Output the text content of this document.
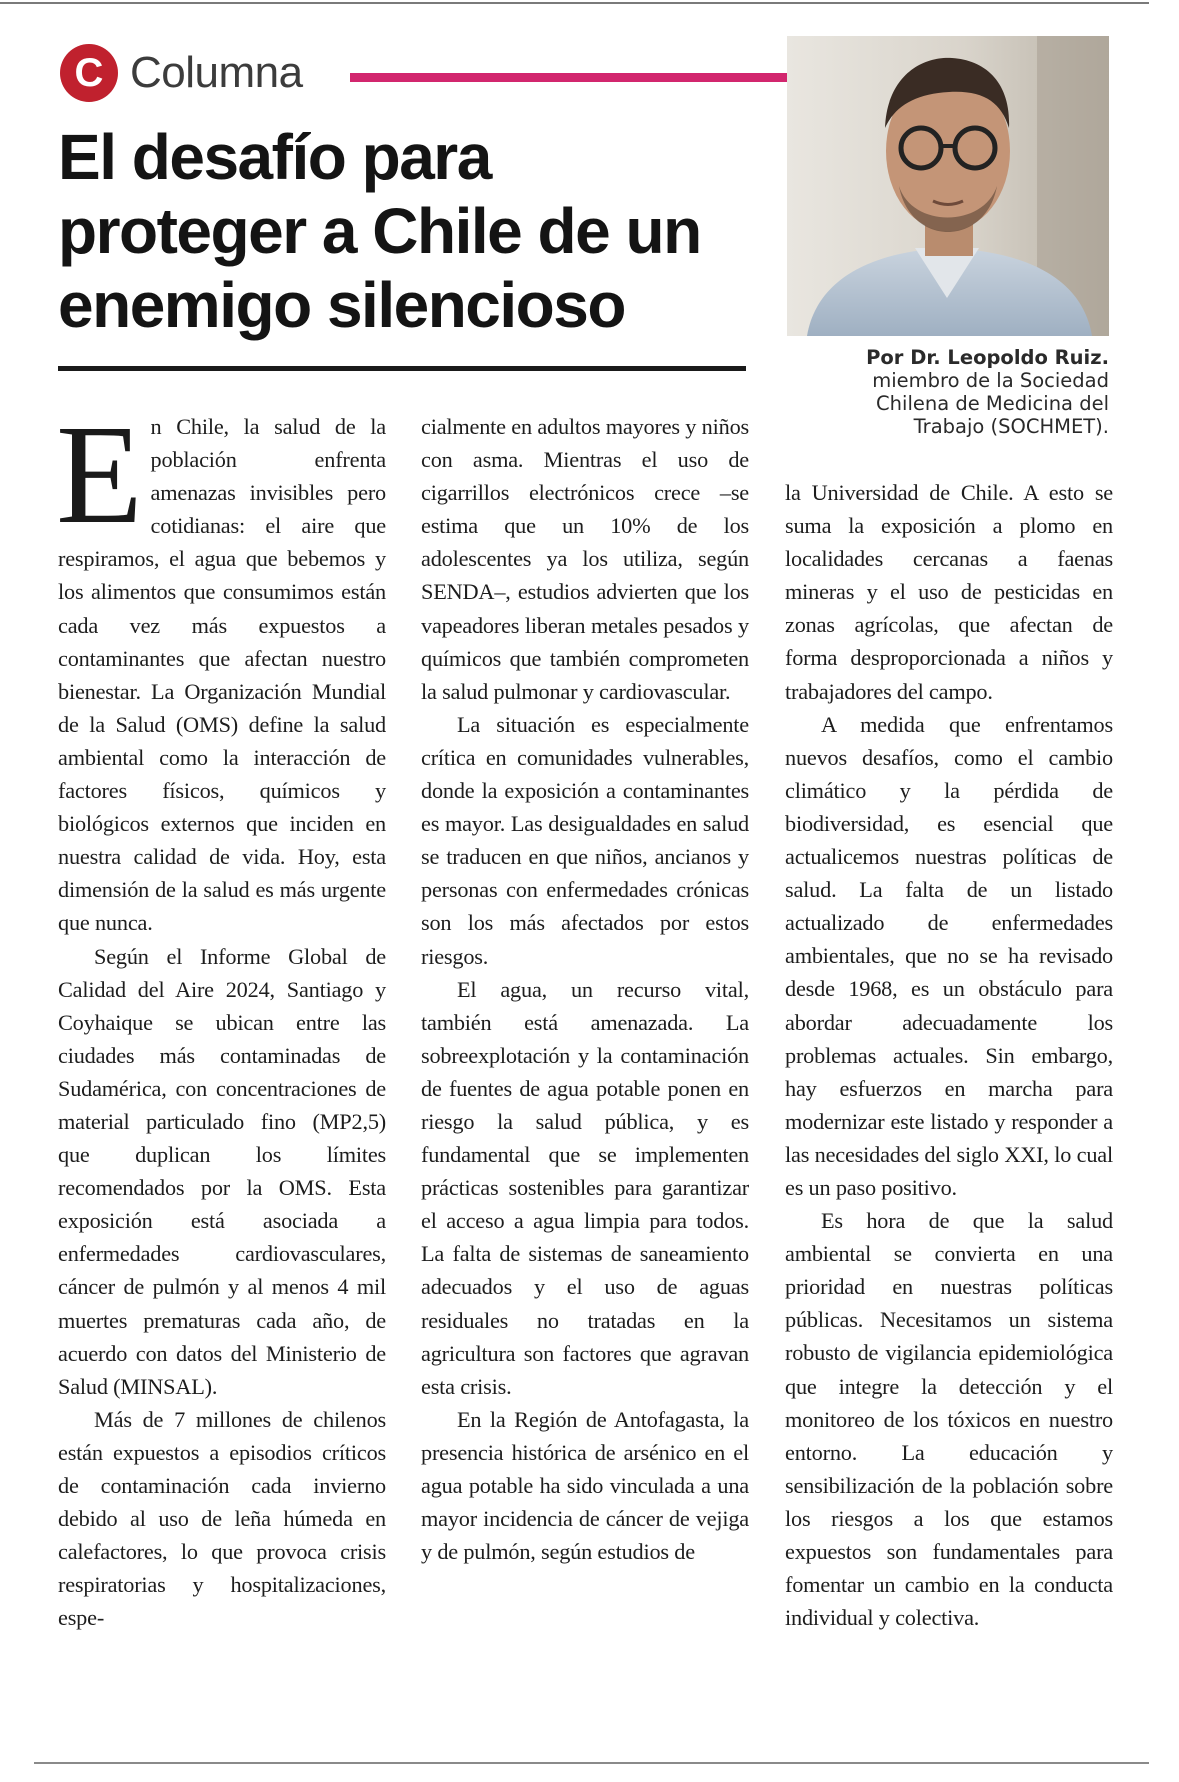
C Columna
El desafío para
proteger a Chile de un
enemigo silencioso
Por Dr. Leopoldo Ruiz.
miembro de la Sociedad
Chilena de Medicina del
Trabajo (SOCHMET).
E n Chile, la salud de la población enfrenta amenazas invisibles pero cotidianas: el aire que respiramos, el agua que bebemos y los alimentos que consumimos están cada vez más expuestos a contaminantes que afectan nuestro bienestar. La Organización Mundial de la Salud (OMS) define la salud ambiental como la interacción de factores físicos, químicos y biológicos externos que inciden en nuestra calidad de vida. Hoy, esta dimensión de la salud es más urgente que nunca.

Según el Informe Global de Calidad del Aire 2024, Santiago y Coyhaique se ubican entre las ciudades más contaminadas de Sudamérica, con concentraciones de material particulado fino (MP2,5) que duplican los límites recomendados por la OMS. Esta exposición está asociada a enfermedades cardiovasculares, cáncer de pulmón y al menos 4 mil muertes prematuras cada año, de acuerdo con datos del Ministerio de Salud (MINSAL).

Más de 7 millones de chilenos están expuestos a episodios críticos de contaminación cada invierno debido al uso de leña húmeda en calefactores, lo que provoca crisis respiratorias y hospitalizaciones, espe-

cialmente en adultos mayores y niños con asma. Mientras el uso de cigarrillos electrónicos crece –se estima que un 10% de los adolescentes ya los utiliza, según SENDA–, estudios advierten que los vapeadores liberan metales pesados y químicos que también comprometen la salud pulmonar y cardiovascular.

La situación es especialmente crítica en comunidades vulnerables, donde la exposición a contaminantes es mayor. Las desigualdades en salud se traducen en que niños, ancianos y personas con enfermedades crónicas son los más afectados por estos riesgos.

El agua, un recurso vital, también está amenazada. La sobreexplotación y la contaminación de fuentes de agua potable ponen en riesgo la salud pública, y es fundamental que se implementen prácticas sostenibles para garantizar el acceso a agua limpia para todos. La falta de sistemas de saneamiento adecuados y el uso de aguas residuales no tratadas en la agricultura son factores que agravan esta crisis.

En la Región de Antofagasta, la presencia histórica de arsénico en el agua potable ha sido vinculada a una mayor incidencia de cáncer de vejiga y de pulmón, según estudios de

la Universidad de Chile. A esto se suma la exposición a plomo en localidades cercanas a faenas mineras y el uso de pesticidas en zonas agrícolas, que afectan de forma desproporcionada a niños y trabajadores del campo.

A medida que enfrentamos nuevos desafíos, como el cambio climático y la pérdida de biodiversidad, es esencial que actualicemos nuestras políticas de salud. La falta de un listado actualizado de enfermedades ambientales, que no se ha revisado desde 1968, es un obstáculo para abordar adecuadamente los problemas actuales. Sin embargo, hay esfuerzos en marcha para modernizar este listado y responder a las necesidades del siglo XXI, lo cual es un paso positivo.

Es hora de que la salud ambiental se convierta en una prioridad en nuestras políticas públicas. Necesitamos un sistema robusto de vigilancia epidemiológica que integre la detección y el monitoreo de los tóxicos en nuestro entorno. La educación y sensibilización de la población sobre los riesgos a los que estamos expuestos son fundamentales para fomentar un cambio en la conducta individual y colectiva.
